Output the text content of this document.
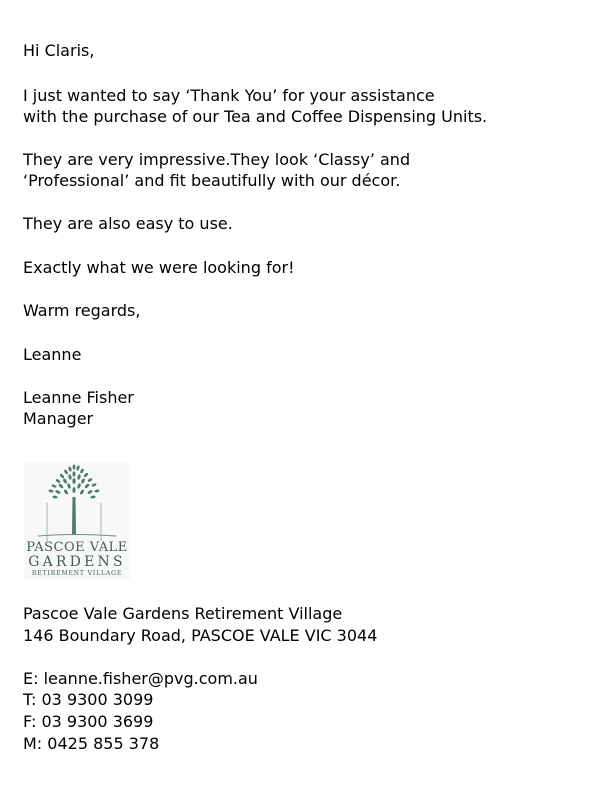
Hi Claris,
I just wanted to say ‘Thank You’ for your assistance
with the purchase of our Tea and Coffee Dispensing Units.
They are very impressive.They look ‘Classy’ and
‘Professional’ and fit beautifully with our décor.
They are also easy to use.
Exactly what we were looking for!
Warm regards,
Leanne
Leanne Fisher
Manager
PASCOE VALE
GARDENS
RETIREMENT VILLAGE
Pascoe Vale Gardens Retirement Village
146 Boundary Road, PASCOE VALE VIC 3044
E: leanne.fisher@pvg.com.au
T: 03 9300 3099
F: 03 9300 3699
M: 0425 855 378
